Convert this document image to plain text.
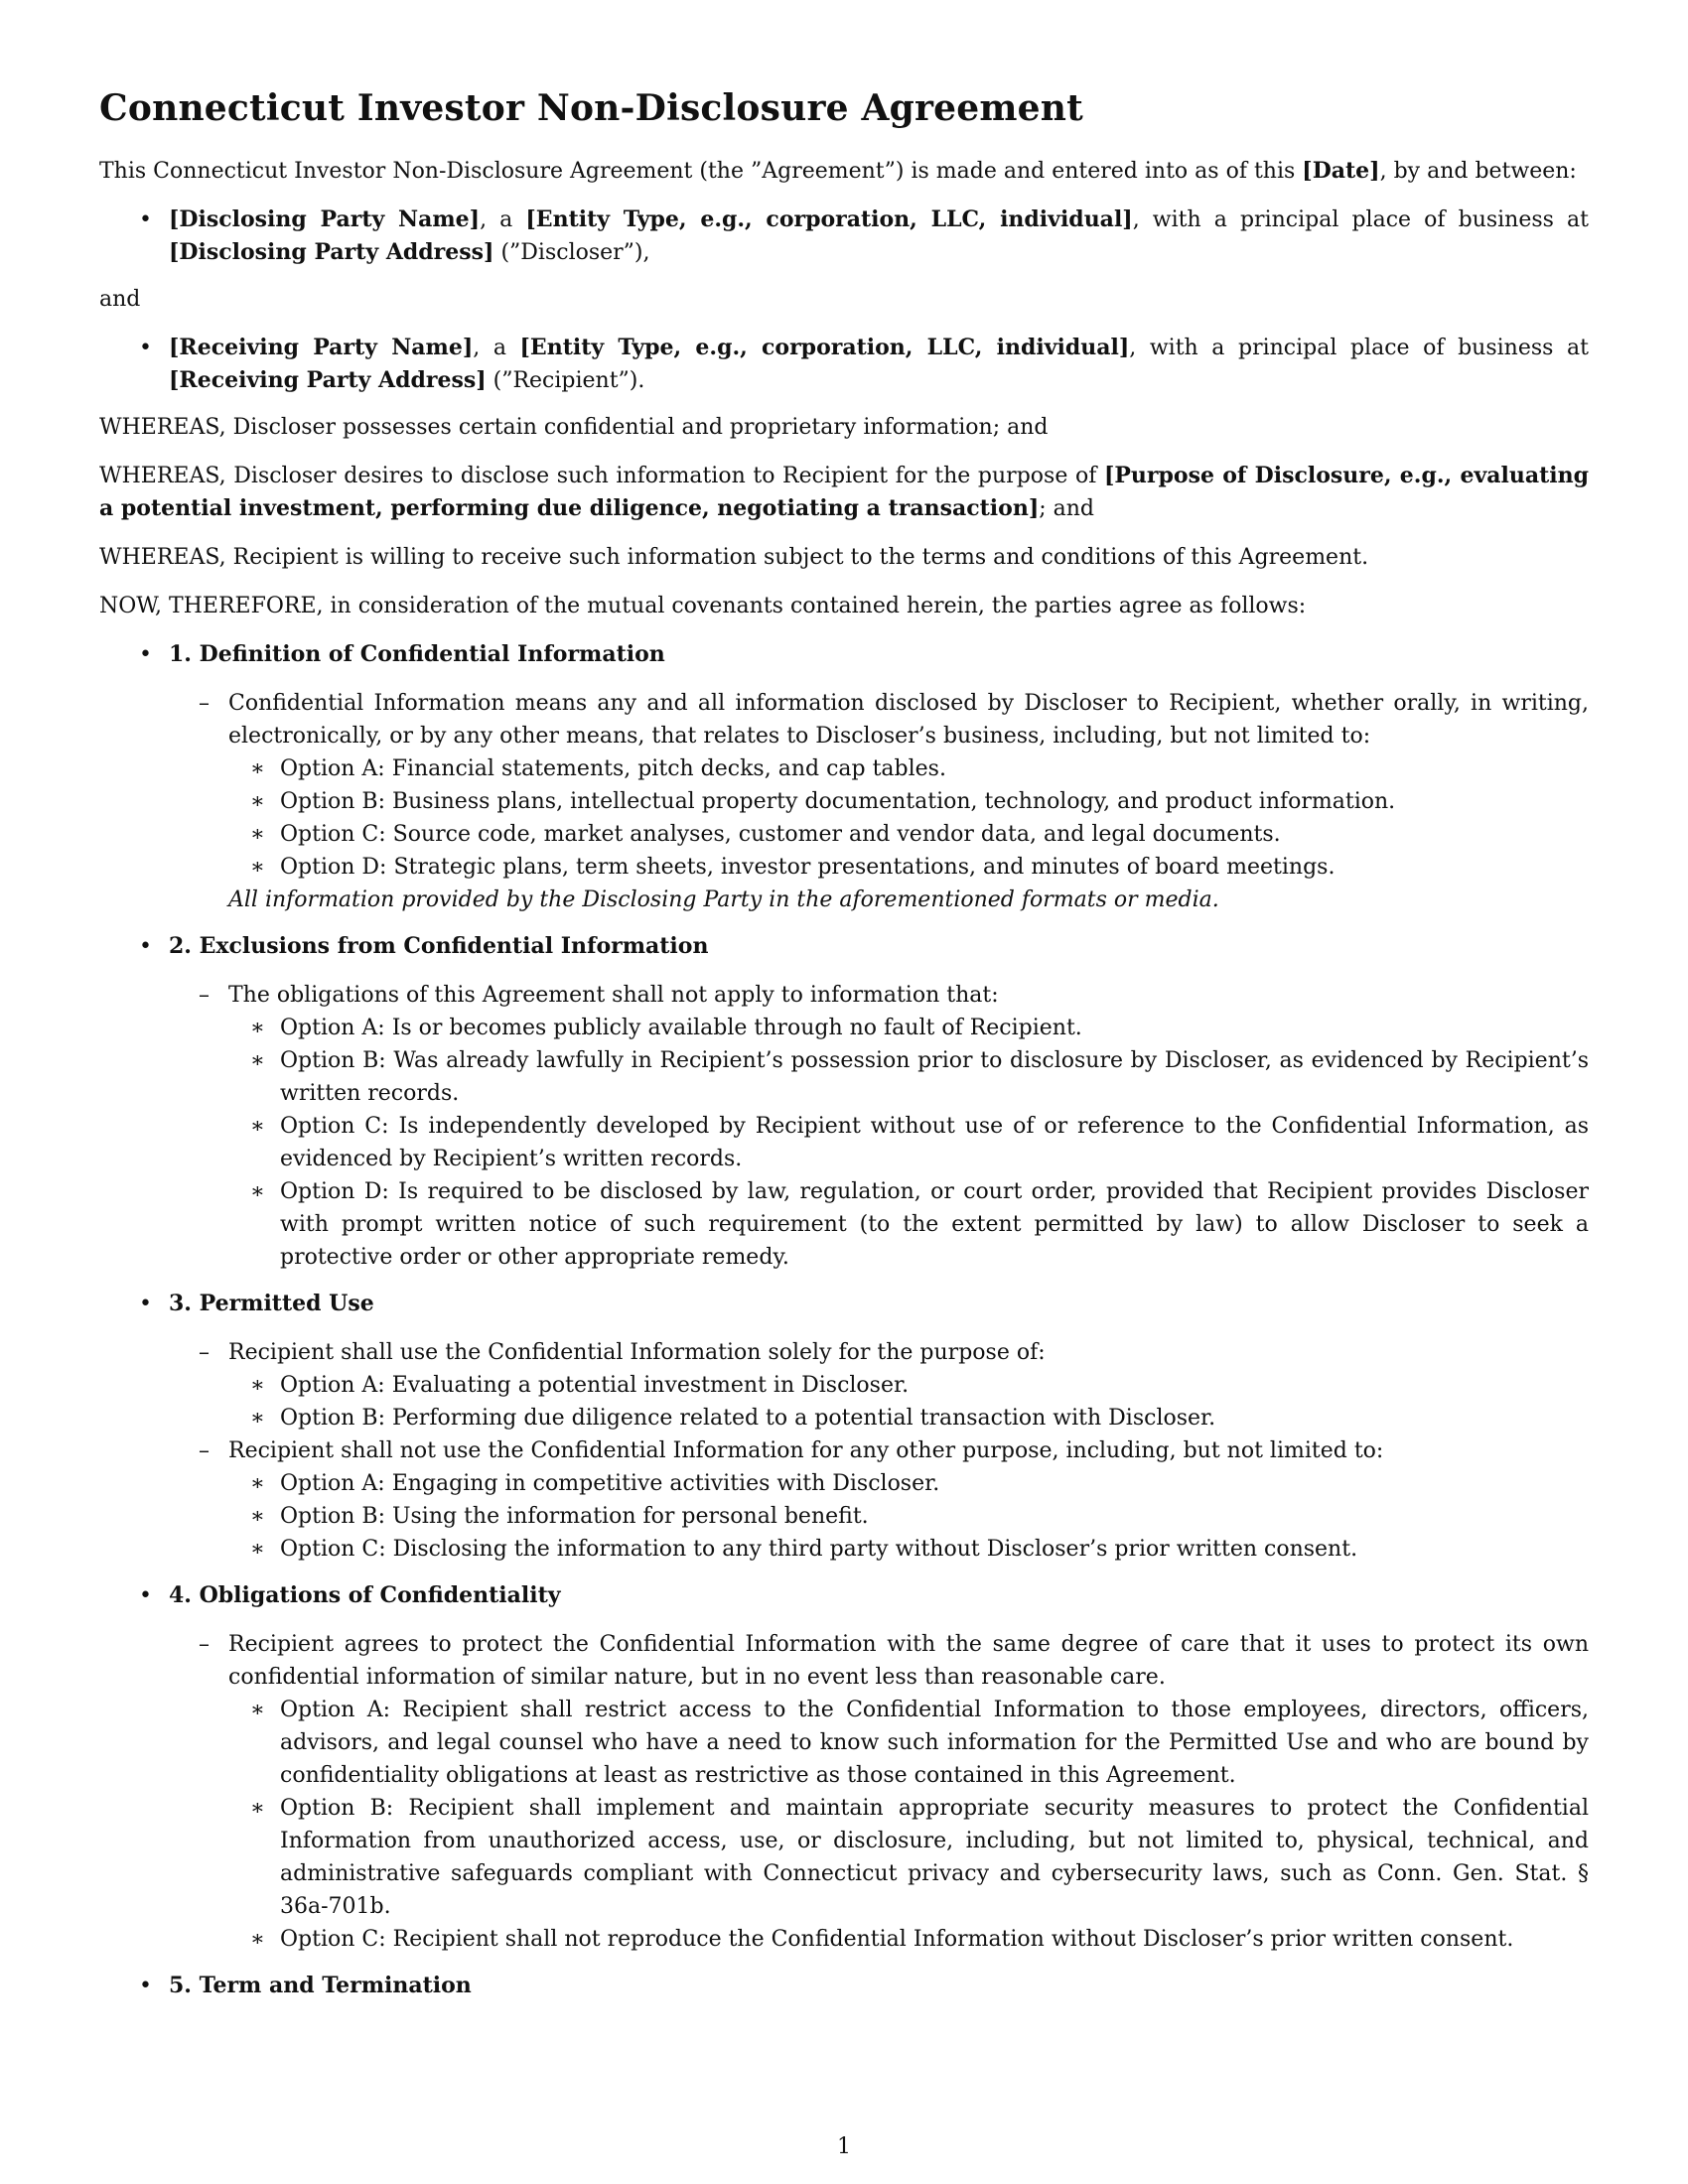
Connecticut Investor Non-Disclosure Agreement

This Connecticut Investor Non-Disclosure Agreement (the ”Agreement”) is made and entered into as of this [Date], by and between:

• [Disclosing Party Name], a [Entity Type, e.g., corporation, LLC, individual], with a principal place of business at [Disclosing Party Address] (”Discloser”),

and

• [Receiving Party Name], a [Entity Type, e.g., corporation, LLC, individual], with a principal place of business at [Receiving Party Address] (”Recipient”).

WHEREAS, Discloser possesses certain confidential and proprietary information; and

WHEREAS, Discloser desires to disclose such information to Recipient for the purpose of [Purpose of Disclosure, e.g., evaluating a potential investment, performing due diligence, negotiating a transaction]; and

WHEREAS, Recipient is willing to receive such information subject to the terms and conditions of this Agreement.

NOW, THEREFORE, in consideration of the mutual covenants contained herein, the parties agree as follows:

• 1. Definition of Confidential Information
– Confidential Information means any and all information disclosed by Discloser to Recipient, whether orally, in writing, electronically, or by any other means, that relates to Discloser’s business, including, but not limited to:
∗ Option A: Financial statements, pitch decks, and cap tables.
∗ Option B: Business plans, intellectual property documentation, technology, and product information.
∗ Option C: Source code, market analyses, customer and vendor data, and legal documents.
∗ Option D: Strategic plans, term sheets, investor presentations, and minutes of board meetings.
All information provided by the Disclosing Party in the aforementioned formats or media.
• 2. Exclusions from Confidential Information
– The obligations of this Agreement shall not apply to information that:
∗ Option A: Is or becomes publicly available through no fault of Recipient.
∗ Option B: Was already lawfully in Recipient’s possession prior to disclosure by Discloser, as evidenced by Recipient’s written records.
∗ Option C: Is independently developed by Recipient without use of or reference to the Confidential Information, as evidenced by Recipient’s written records.
∗ Option D: Is required to be disclosed by law, regulation, or court order, provided that Recipient provides Discloser with prompt written notice of such requirement (to the extent permitted by law) to allow Discloser to seek a protective order or other appropriate remedy.
• 3. Permitted Use
– Recipient shall use the Confidential Information solely for the purpose of:
∗ Option A: Evaluating a potential investment in Discloser.
∗ Option B: Performing due diligence related to a potential transaction with Discloser.
– Recipient shall not use the Confidential Information for any other purpose, including, but not limited to:
∗ Option A: Engaging in competitive activities with Discloser.
∗ Option B: Using the information for personal benefit.
∗ Option C: Disclosing the information to any third party without Discloser’s prior written consent.
• 4. Obligations of Confidentiality
– Recipient agrees to protect the Confidential Information with the same degree of care that it uses to protect its own confidential information of similar nature, but in no event less than reasonable care.
∗ Option A: Recipient shall restrict access to the Confidential Information to those employees, directors, officers, advisors, and legal counsel who have a need to know such information for the Permitted Use and who are bound by confidentiality obligations at least as restrictive as those contained in this Agreement.
∗ Option B: Recipient shall implement and maintain appropriate security measures to protect the Confidential Information from unauthorized access, use, or disclosure, including, but not limited to, physical, technical, and administrative safeguards compliant with Connecticut privacy and cybersecurity laws, such as Conn. Gen. Stat. § 36a-701b.
∗ Option C: Recipient shall not reproduce the Confidential Information without Discloser’s prior written consent.
• 5. Term and Termination
1
